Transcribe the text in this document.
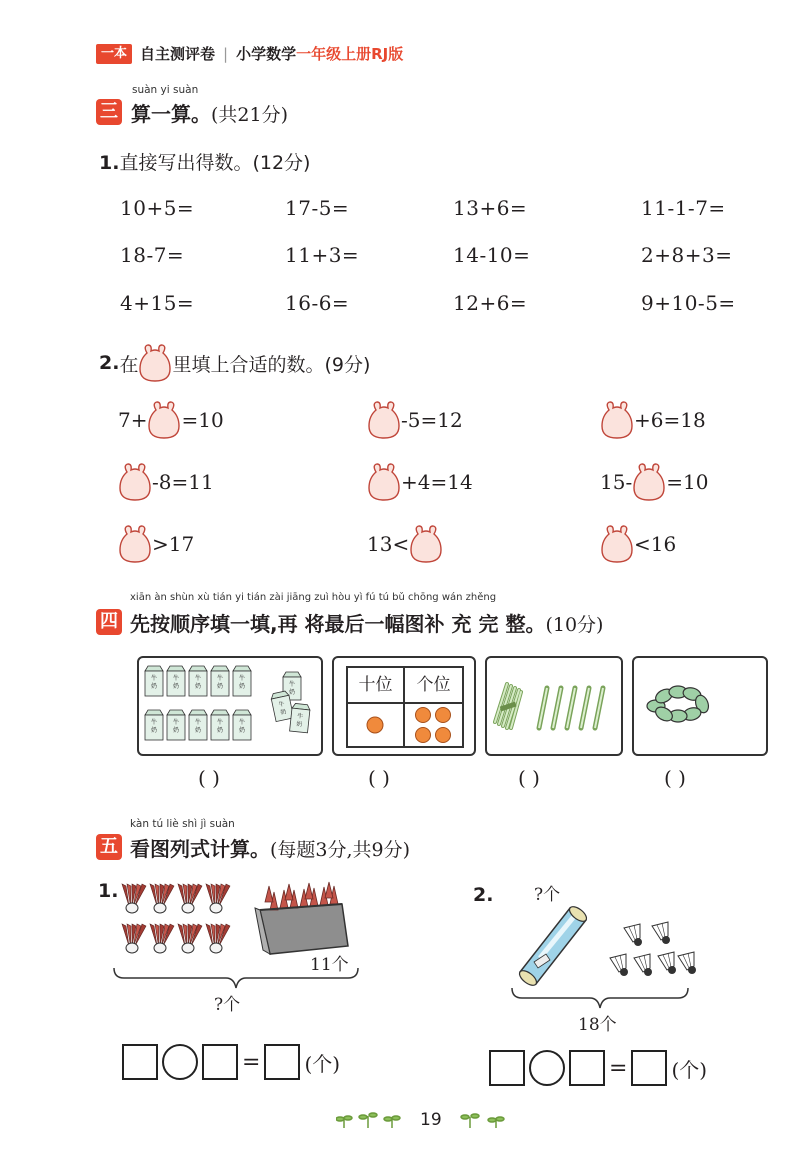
一本 自主测评卷 | 小学数学一年级上册RJ版
suàn yi suàn
三 算一算。(共21分)
1.直接写出得数。(12分)
10+5=	17-5=	13+6=	11-1-7=
18-7=	11+3=	14-10=	2+8+3=
4+15=	16-6=	12+6=	9+10-5=
2. 在 里填上合适的数。 (9分)
7+ =10	-5=12	+6=18
-8=11	+4=14	15- =10
>17	13<	<16
xiān àn shùn xù tián yi tián zài jiāng zuì hòu yì fú tú bǔ chōng wán zhěng
四 先按顺序填一填,再 将最后一幅图补 充 完 整。(10分)
牛
奶
牛
奶
牛
奶
牛
奶
牛
奶
牛
奶
牛
奶
牛
奶
牛
奶
牛
奶
牛
奶
牛
奶
牛
奶
十位	个位
( )	( )	( )	( )
kàn tú liè shì jì suàn
五 看图列式计算。(每题3分,共9分)
1.
11个
?个
= (个)
2. ?个
18个
= (个)
19
